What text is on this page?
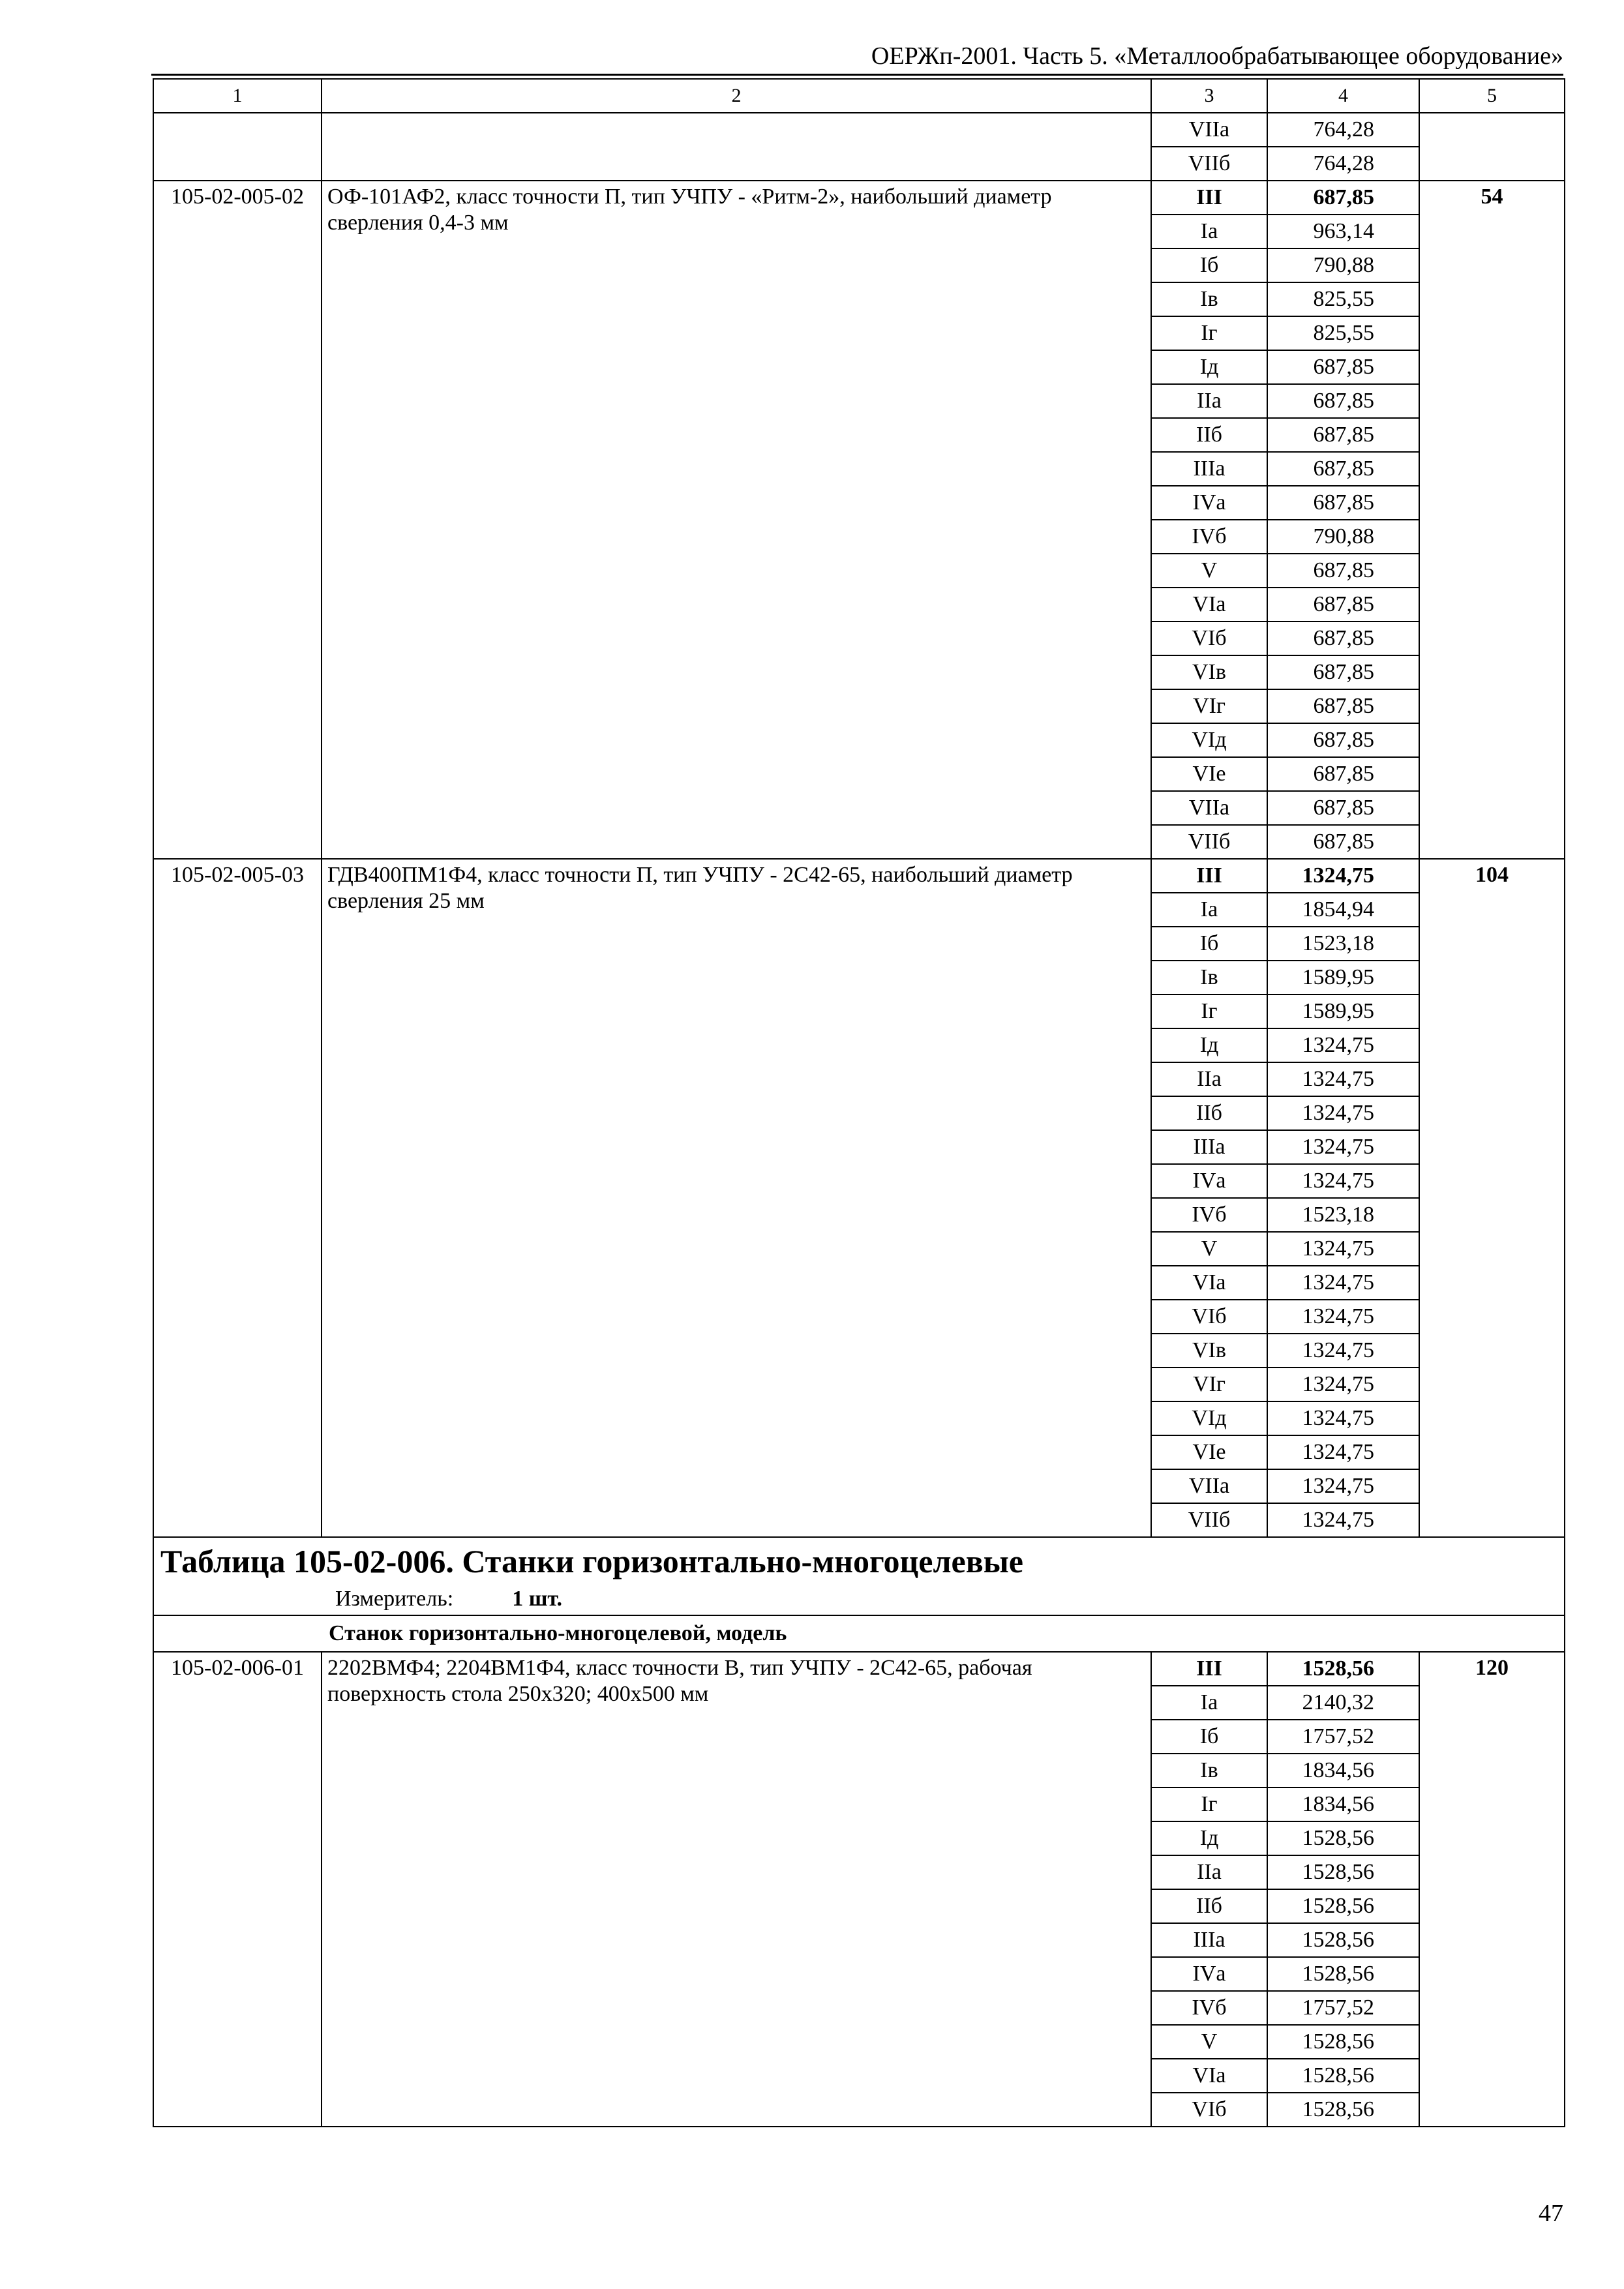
ОЕРЖп-2001. Часть 5. «Металлообрабатывающее оборудование»
1	2	3	4	5
		VIIа	764,28	
		VIIб	764,28	
105-02-005-02	ОФ-101АФ2, класс точности П, тип УЧПУ - «Ритм-2», наибольший диаметр сверления 0,4-3 мм	III	687,85	54
		Iа	963,14	
		Iб	790,88	
		Iв	825,55	
		Iг	825,55	
		Iд	687,85	
		IIа	687,85	
		IIб	687,85	
		IIIа	687,85	
		IVа	687,85	
		IVб	790,88	
		V	687,85	
		VIа	687,85	
		VIб	687,85	
		VIв	687,85	
		VIг	687,85	
		VIд	687,85	
		VIе	687,85	
		VIIа	687,85	
		VIIб	687,85	
105-02-005-03	ГДВ400ПМ1Ф4, класс точности П, тип УЧПУ - 2С42-65, наибольший диаметр сверления 25 мм	III	1324,75	104
		Iа	1854,94	
		Iб	1523,18	
		Iв	1589,95	
		Iг	1589,95	
		Iд	1324,75	
		IIа	1324,75	
		IIб	1324,75	
		IIIа	1324,75	
		IVа	1324,75	
		IVб	1523,18	
		V	1324,75	
		VIа	1324,75	
		VIб	1324,75	
		VIв	1324,75	
		VIг	1324,75	
		VIд	1324,75	
		VIе	1324,75	
		VIIа	1324,75	
		VIIб	1324,75	

Таблица 105-02-006. Станки горизонтально-многоцелевые
Измеритель: 1 шт.				

Станок горизонтально-многоцелевой, модель				
105-02-006-01	2202ВМФ4; 2204ВМ1Ф4, класс точности В, тип УЧПУ - 2С42-65, рабочая поверхность стола 250х320; 400х500 мм	III	1528,56	120
		Iа	2140,32	
		Iб	1757,52	
		Iв	1834,56	
		Iг	1834,56	
		Iд	1528,56	
		IIа	1528,56	
		IIб	1528,56	
		IIIа	1528,56	
		IVа	1528,56	
		IVб	1757,52	
		V	1528,56	
		VIа	1528,56	
		VIб	1528,56	
47
